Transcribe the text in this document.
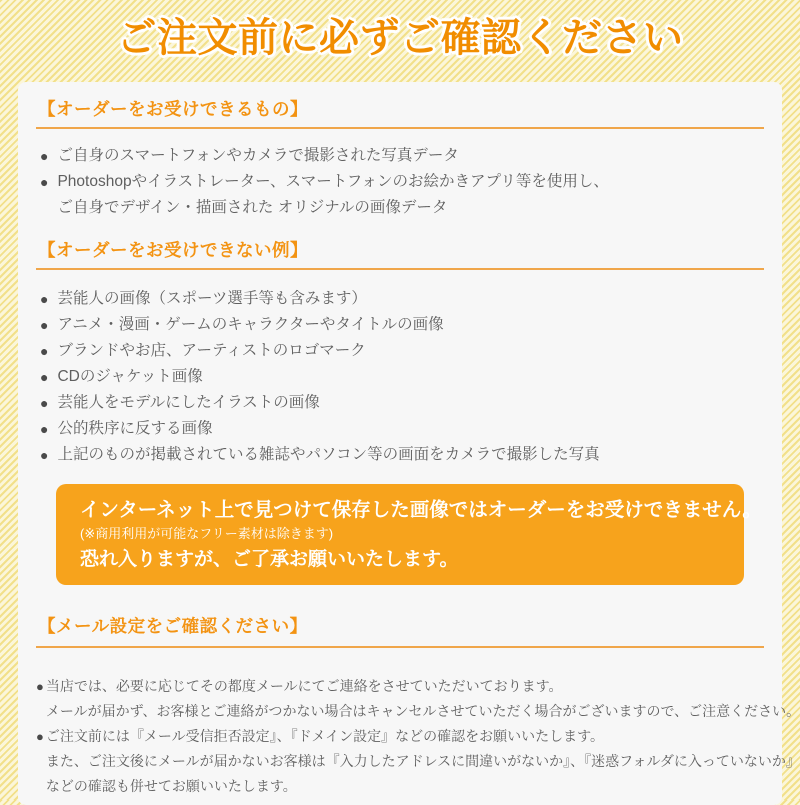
ご注文前に必ずご確認ください
【オーダーをお受けできるもの】
● ご自身のスマートフォンやカメラで撮影された写真データ
● Photoshopやイラストレーター、スマートフォンのお絵かきアプリ等を使用し、
ご自身でデザイン・描画された オリジナルの画像データ
【オーダーをお受けできない例】
● 芸能人の画像（スポーツ選手等も含みます）
● アニメ・漫画・ゲームのキャラクターやタイトルの画像
● ブランドやお店、アーティストのロゴマーク
● CDのジャケット画像
● 芸能人をモデルにしたイラストの画像
● 公的秩序に反する画像
● 上記のものが掲載されている雑誌やパソコン等の画面をカメラで撮影した写真
インターネット上で見つけて保存した画像ではオーダーをお受けできません。
(※商用利用が可能なフリー素材は除きます)
恐れ入りますが、ご了承お願いいたします。
【メール設定をご確認ください】
● 当店では、必要に応じてその都度メールにてご連絡をさせていただいております。
メールが届かず、お客様とご連絡がつかない場合はキャンセルさせていただく場合がございますので、ご注意ください。
● ご注文前には『メール受信拒否設定』、『ドメイン設定』などの確認をお願いいたします。
また、ご注文後にメールが届かないお客様は『入力したアドレスに間違いがないか』、『迷惑フォルダに入っていないか』
などの確認も併せてお願いいたします。
